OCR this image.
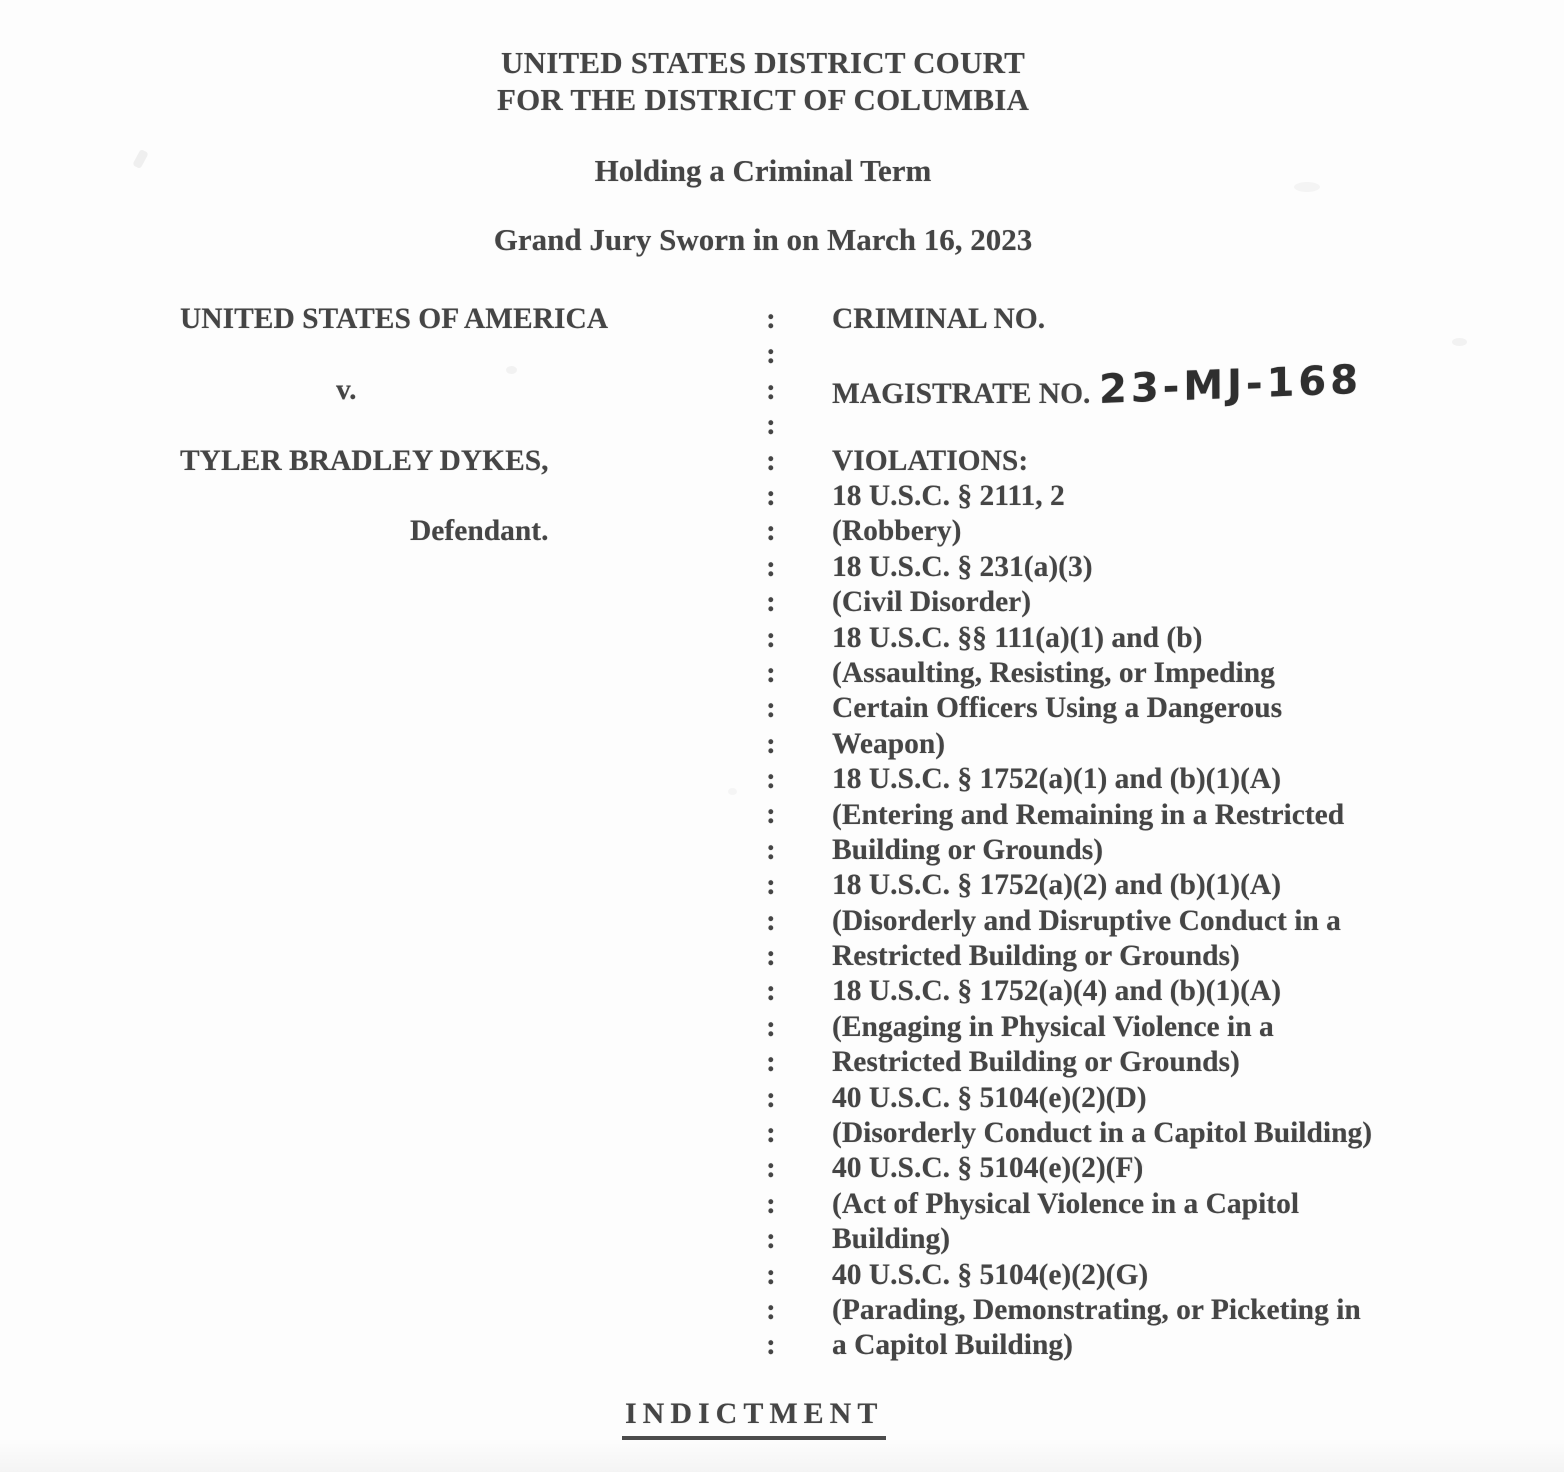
UNITED STATES DISTRICT COURT
FOR THE DISTRICT OF COLUMBIA
Holding a Criminal Term
Grand Jury Sworn in on March 16, 2023
UNITED STATES OF AMERICA
v.
TYLER BRADLEY DYKES,
Defendant.
:
:
:
:
:
:
:
:
:
:
:
:
:
:
:
:
:
:
:
:
:
:
:
:
:
:
:
:
:
:
CRIMINAL NO.
MAGISTRATE NO. 23-MJ-168
VIOLATIONS:
18 U.S.C. § 2111, 2
(Robbery)
18 U.S.C. § 231(a)(3)
(Civil Disorder)
18 U.S.C. §§ 111(a)(1) and (b)
(Assaulting, Resisting, or Impeding
Certain Officers Using a Dangerous
Weapon)
18 U.S.C. § 1752(a)(1) and (b)(1)(A)
(Entering and Remaining in a Restricted
Building or Grounds)
18 U.S.C. § 1752(a)(2) and (b)(1)(A)
(Disorderly and Disruptive Conduct in a
Restricted Building or Grounds)
18 U.S.C. § 1752(a)(4) and (b)(1)(A)
(Engaging in Physical Violence in a
Restricted Building or Grounds)
40 U.S.C. § 5104(e)(2)(D)
(Disorderly Conduct in a Capitol Building)
40 U.S.C. § 5104(e)(2)(F)
(Act of Physical Violence in a Capitol
Building)
40 U.S.C. § 5104(e)(2)(G)
(Parading, Demonstrating, or Picketing in
a Capitol Building)
INDICTMENT
